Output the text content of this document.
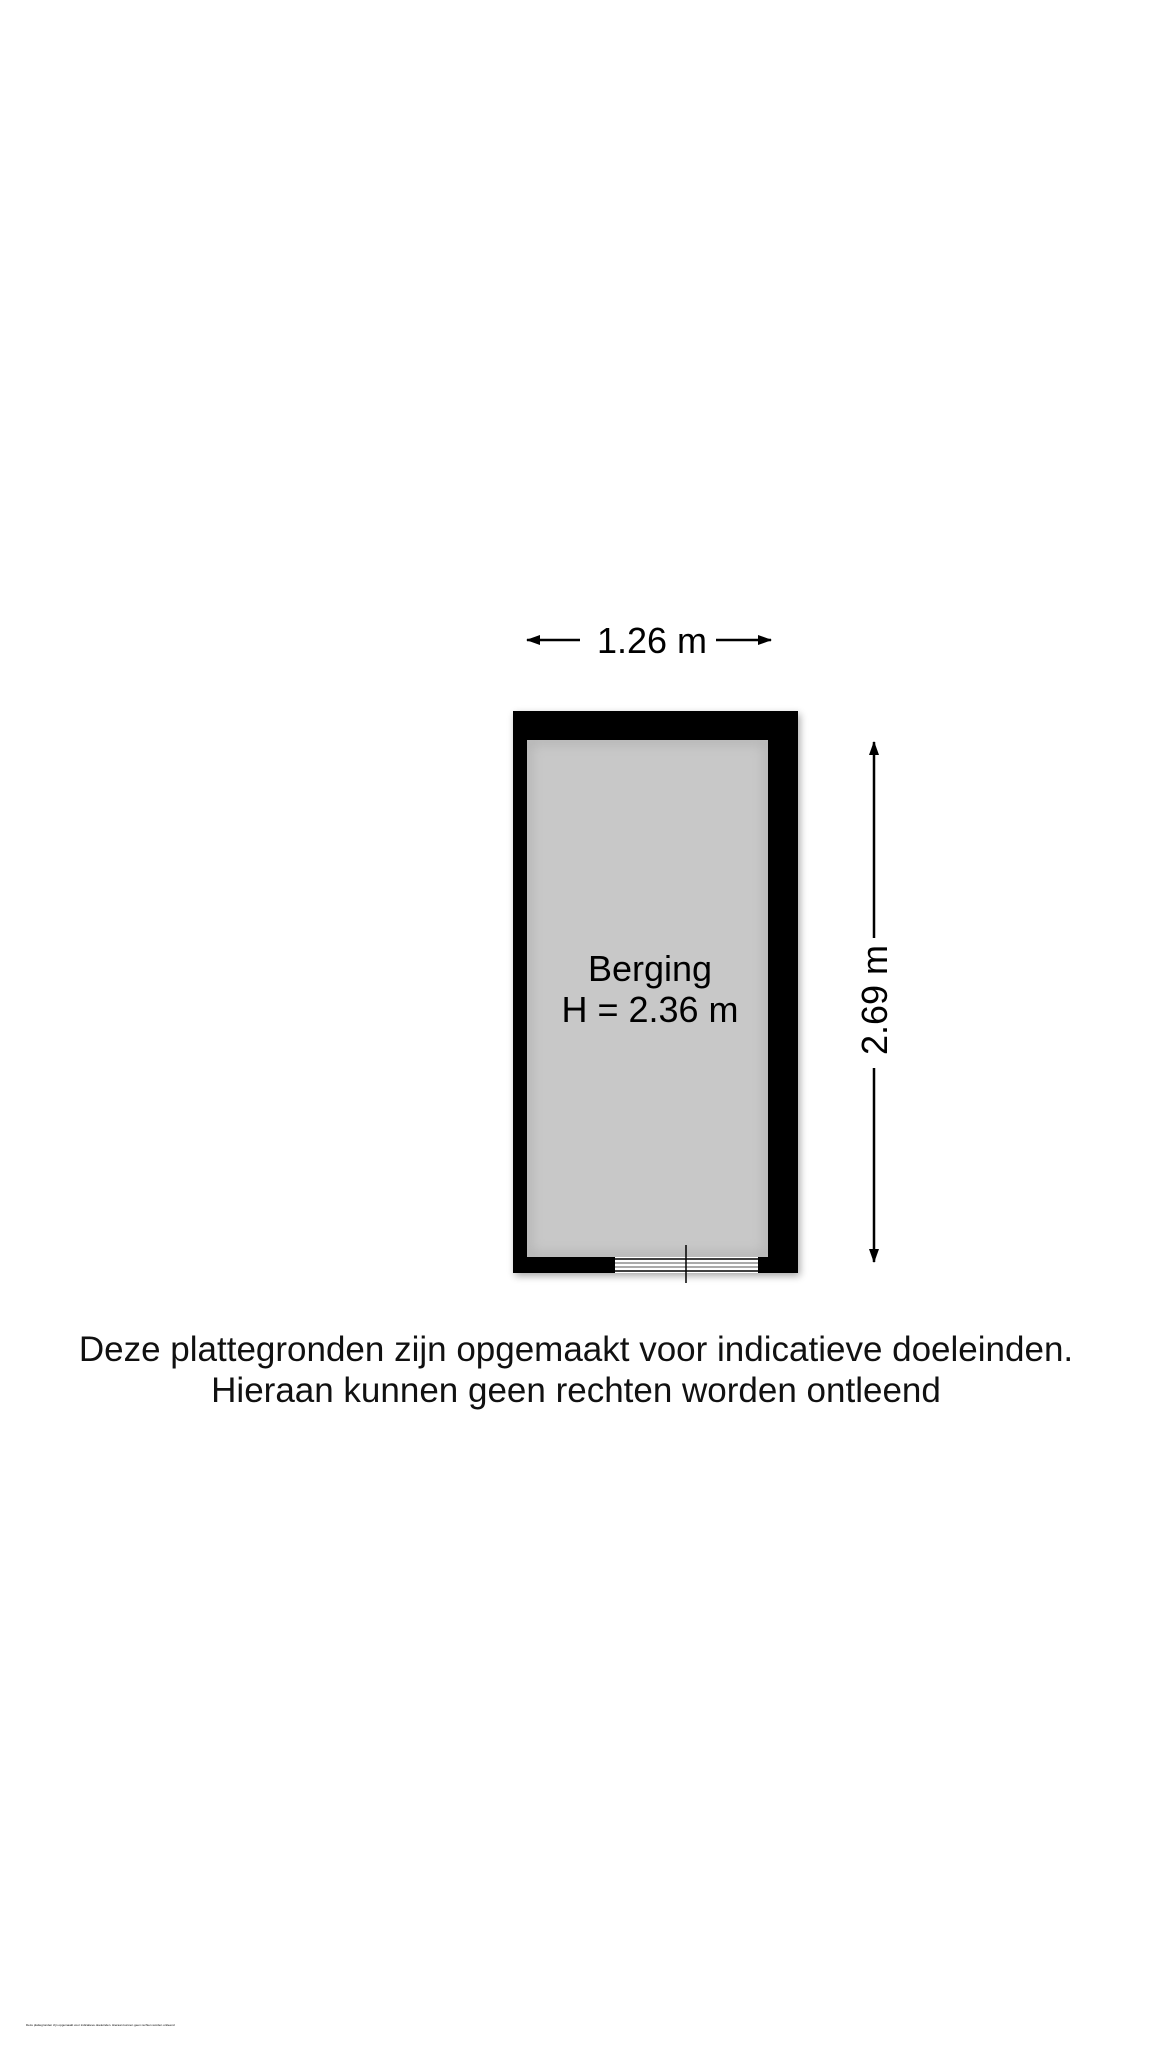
Berging
H = 2.36 m
1.26 m
2.69 m
Deze plattegronden zijn opgemaakt voor indicatieve doeleinden.
Hieraan kunnen geen rechten worden ontleend
Deze plattegronden zijn opgemaakt voor indicatieve doeleinden. Hieraan kunnen geen rechten worden ontleend
